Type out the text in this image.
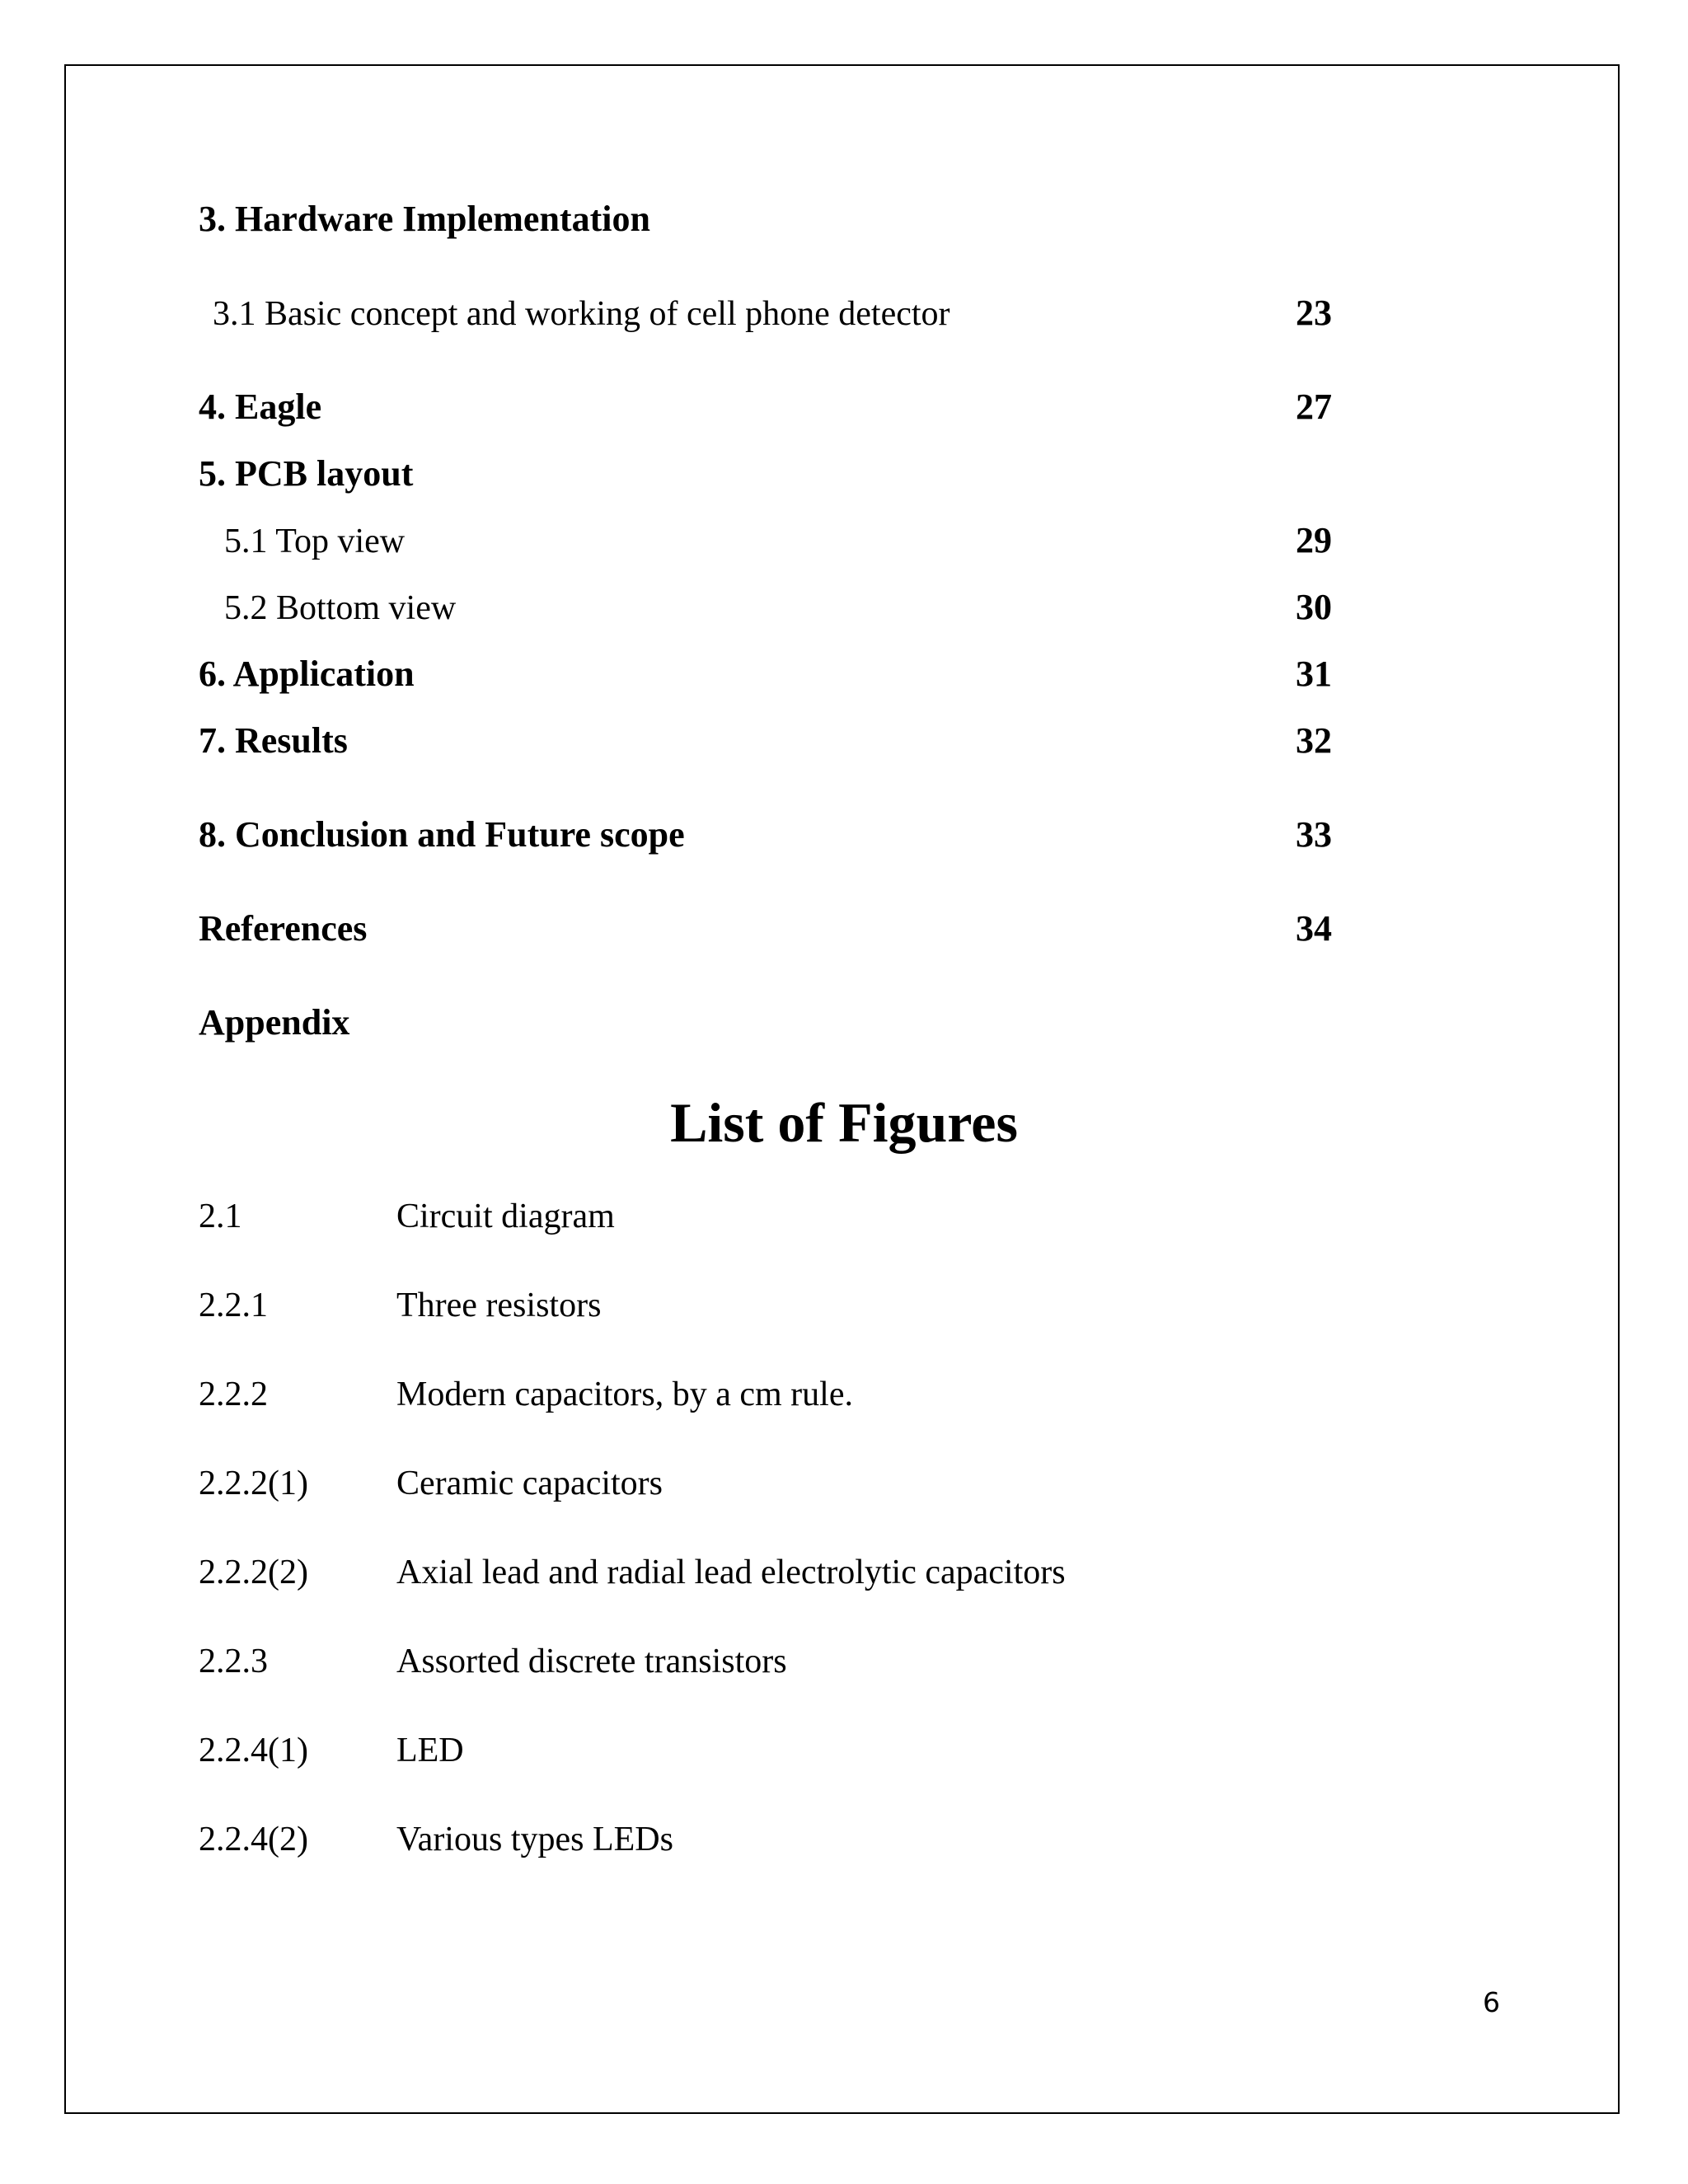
3. Hardware Implementation
3.1 Basic concept and working of cell phone detector	23
4. Eagle	27
5. PCB layout
5.1 Top view	29
5.2 Bottom view	30
6. Application	31
7. Results	32
8. Conclusion and Future scope	33
References	34
Appendix
List of Figures
2.1	Circuit diagram
2.2.1	Three resistors
2.2.2	Modern capacitors, by a cm rule.
2.2.2(1)	Ceramic capacitors
2.2.2(2)	Axial lead and radial lead electrolytic capacitors
2.2.3	Assorted discrete transistors
2.2.4(1)	LED
2.2.4(2)	Various types LEDs
6
